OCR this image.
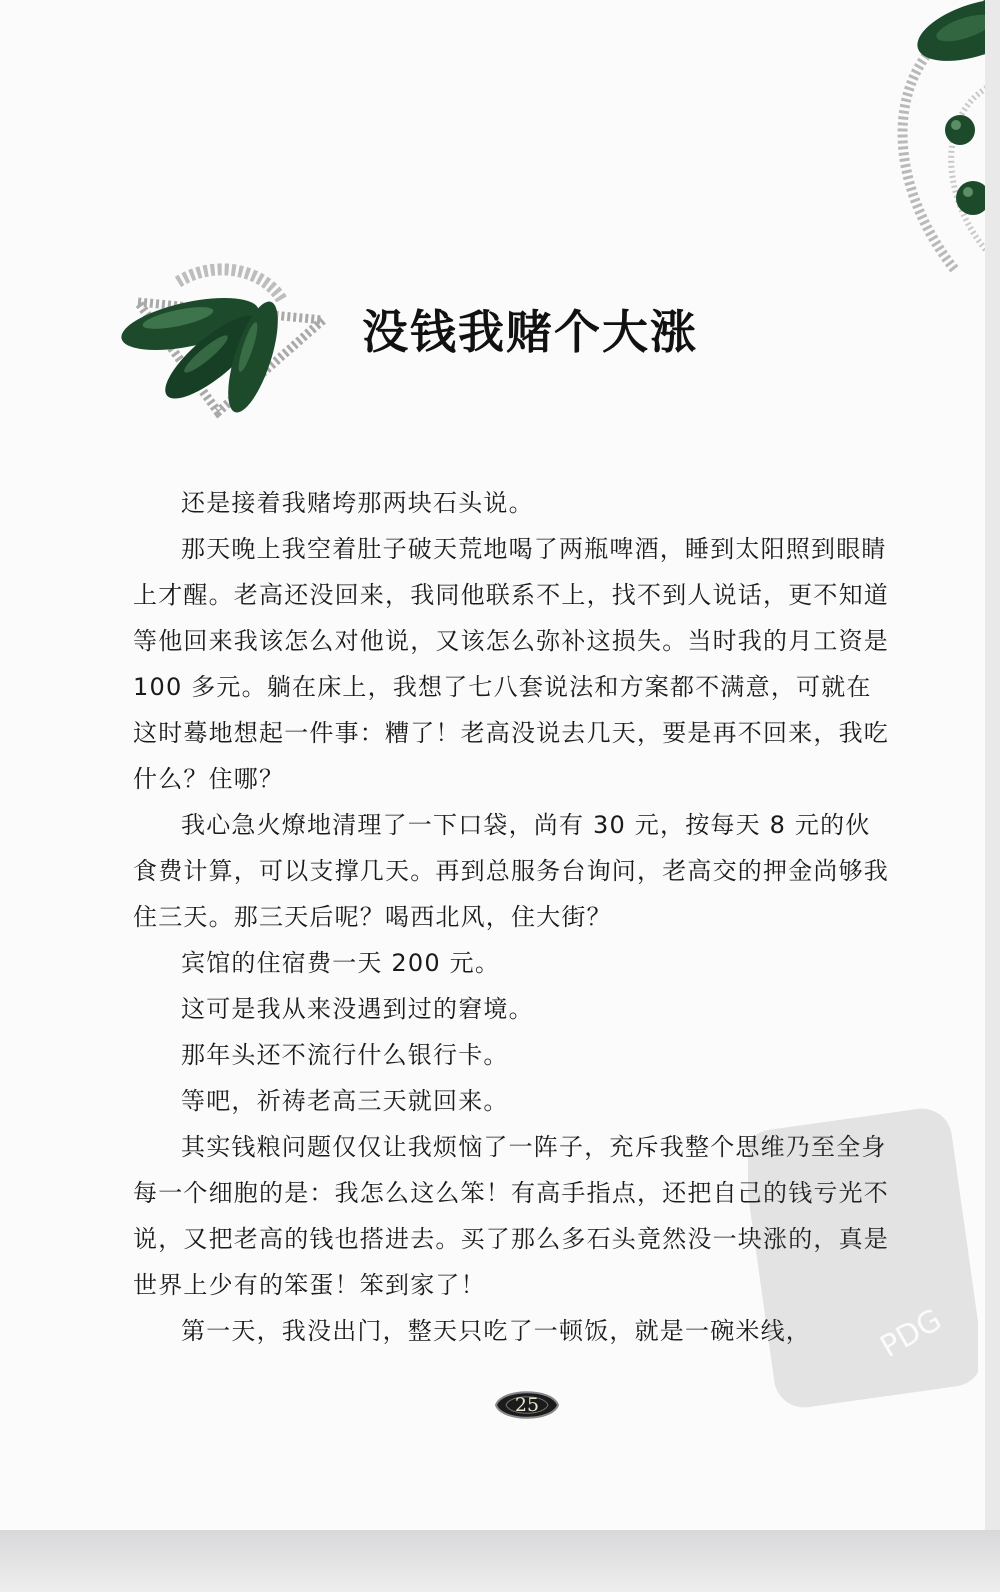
没钱我赌个大涨

还是接着我赌垮那两块石头说。

那天晚上我空着肚子破天荒地喝了两瓶啤酒，睡到太阳照到眼睛上才醒。老高还没回来，我同他联系不上，找不到人说话，更不知道等他回来我该怎么对他说，又该怎么弥补这损失。当时我的月工资是 100 多元。躺在床上，我想了七八套说法和方案都不满意，可就在这时蓦地想起一件事：糟了！老高没说去几天，要是再不回来，我吃什么？住哪？

我心急火燎地清理了一下口袋，尚有 30 元，按每天 8 元的伙食费计算，可以支撑几天。再到总服务台询问，老高交的押金尚够我住三天。那三天后呢？喝西北风，住大街？

宾馆的住宿费一天 200 元。

这可是我从来没遇到过的窘境。

那年头还不流行什么银行卡。

等吧，祈祷老高三天就回来。

其实钱粮问题仅仅让我烦恼了一阵子，充斥我整个思维乃至全身每一个细胞的是：我怎么这么笨！有高手指点，还把自己的钱亏光不说，又把老高的钱也搭进去。买了那么多石头竟然没一块涨的，真是世界上少有的笨蛋！笨到家了！

第一天，我没出门，整天只吃了一顿饭，就是一碗米线，	PDG
25
